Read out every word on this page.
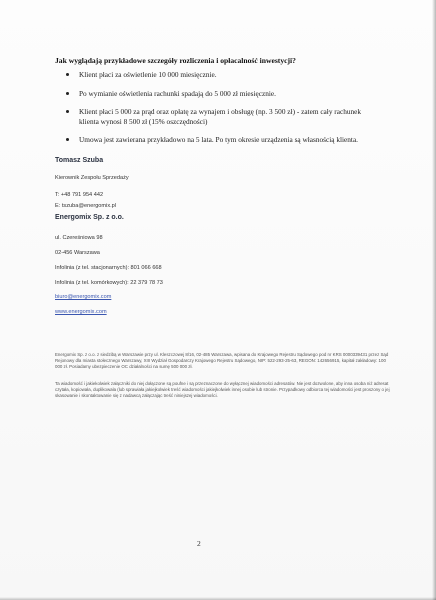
Jak wyglądają przykładowe szczegóły rozliczenia i opłacalność inwestycji?
Klient płaci za oświetlenie 10 000 miesięcznie.
Po wymianie oświetlenia rachunki spadają do 5 000 zł miesięcznie.
Klient płaci 5 000 za prąd oraz opłatę za wynajem i obsługę (np. 3 500 zł) - zatem cały rachunek klienta wynosi 8 500 zł (15% oszczędności)
Umowa jest zawierana przykładowo na 5 lata. Po tym okresie urządzenia są własnością klienta.
Tomasz Szuba
Kierownik Zespołu Sprzedaży
T: +48 791 954 442
E: tszuba@energomix.pl
Energomix Sp. z o.o.
ul. Czereśniowa 98
02-456 Warszawa
Infolinia (z tel. stacjonarnych): 801 066 668
Infolinia (z tel. komórkowych): 22 379 78 73
biuro@energomix.com
www.energomix.com
Energomix Sp. z o.o. z siedzibą w Warszawie przy ul. Kleszczowej 8/16, 02-485 Warszawa, wpisana do Krajowego Rejestru Sądowego pod nr KRS 0000339431 przez Sąd Rejonowy dla miasta stołecznego Warszawy, XIII Wydział Gospodarczy Krajowego Rejestru Sądowego, NIP: 522-293-25-63, REGON: 142656915, kapitał zakładowy: 100 000 zł. Posiadamy ubezpieczenie OC działalności na sumę 500 000 zł.
Ta wiadomość i jakiekolwiek załączniki do niej dołączone są poufne i są przeznaczone do wyłącznej wiadomości adresatów. Nie jest dozwolone, aby inna osoba niż adresat czytała, kopiowała, duplikowała (lub sprawiała jakiejkolwiek treść wiadomości jakiejkolwiek innej osobie lub stronie. Przypadkowy odbiorca tej wiadomości jest proszony o jej skasowanie i skontaktowanie się z nadawcą załączając treść niniejszej wiadomości.
2
